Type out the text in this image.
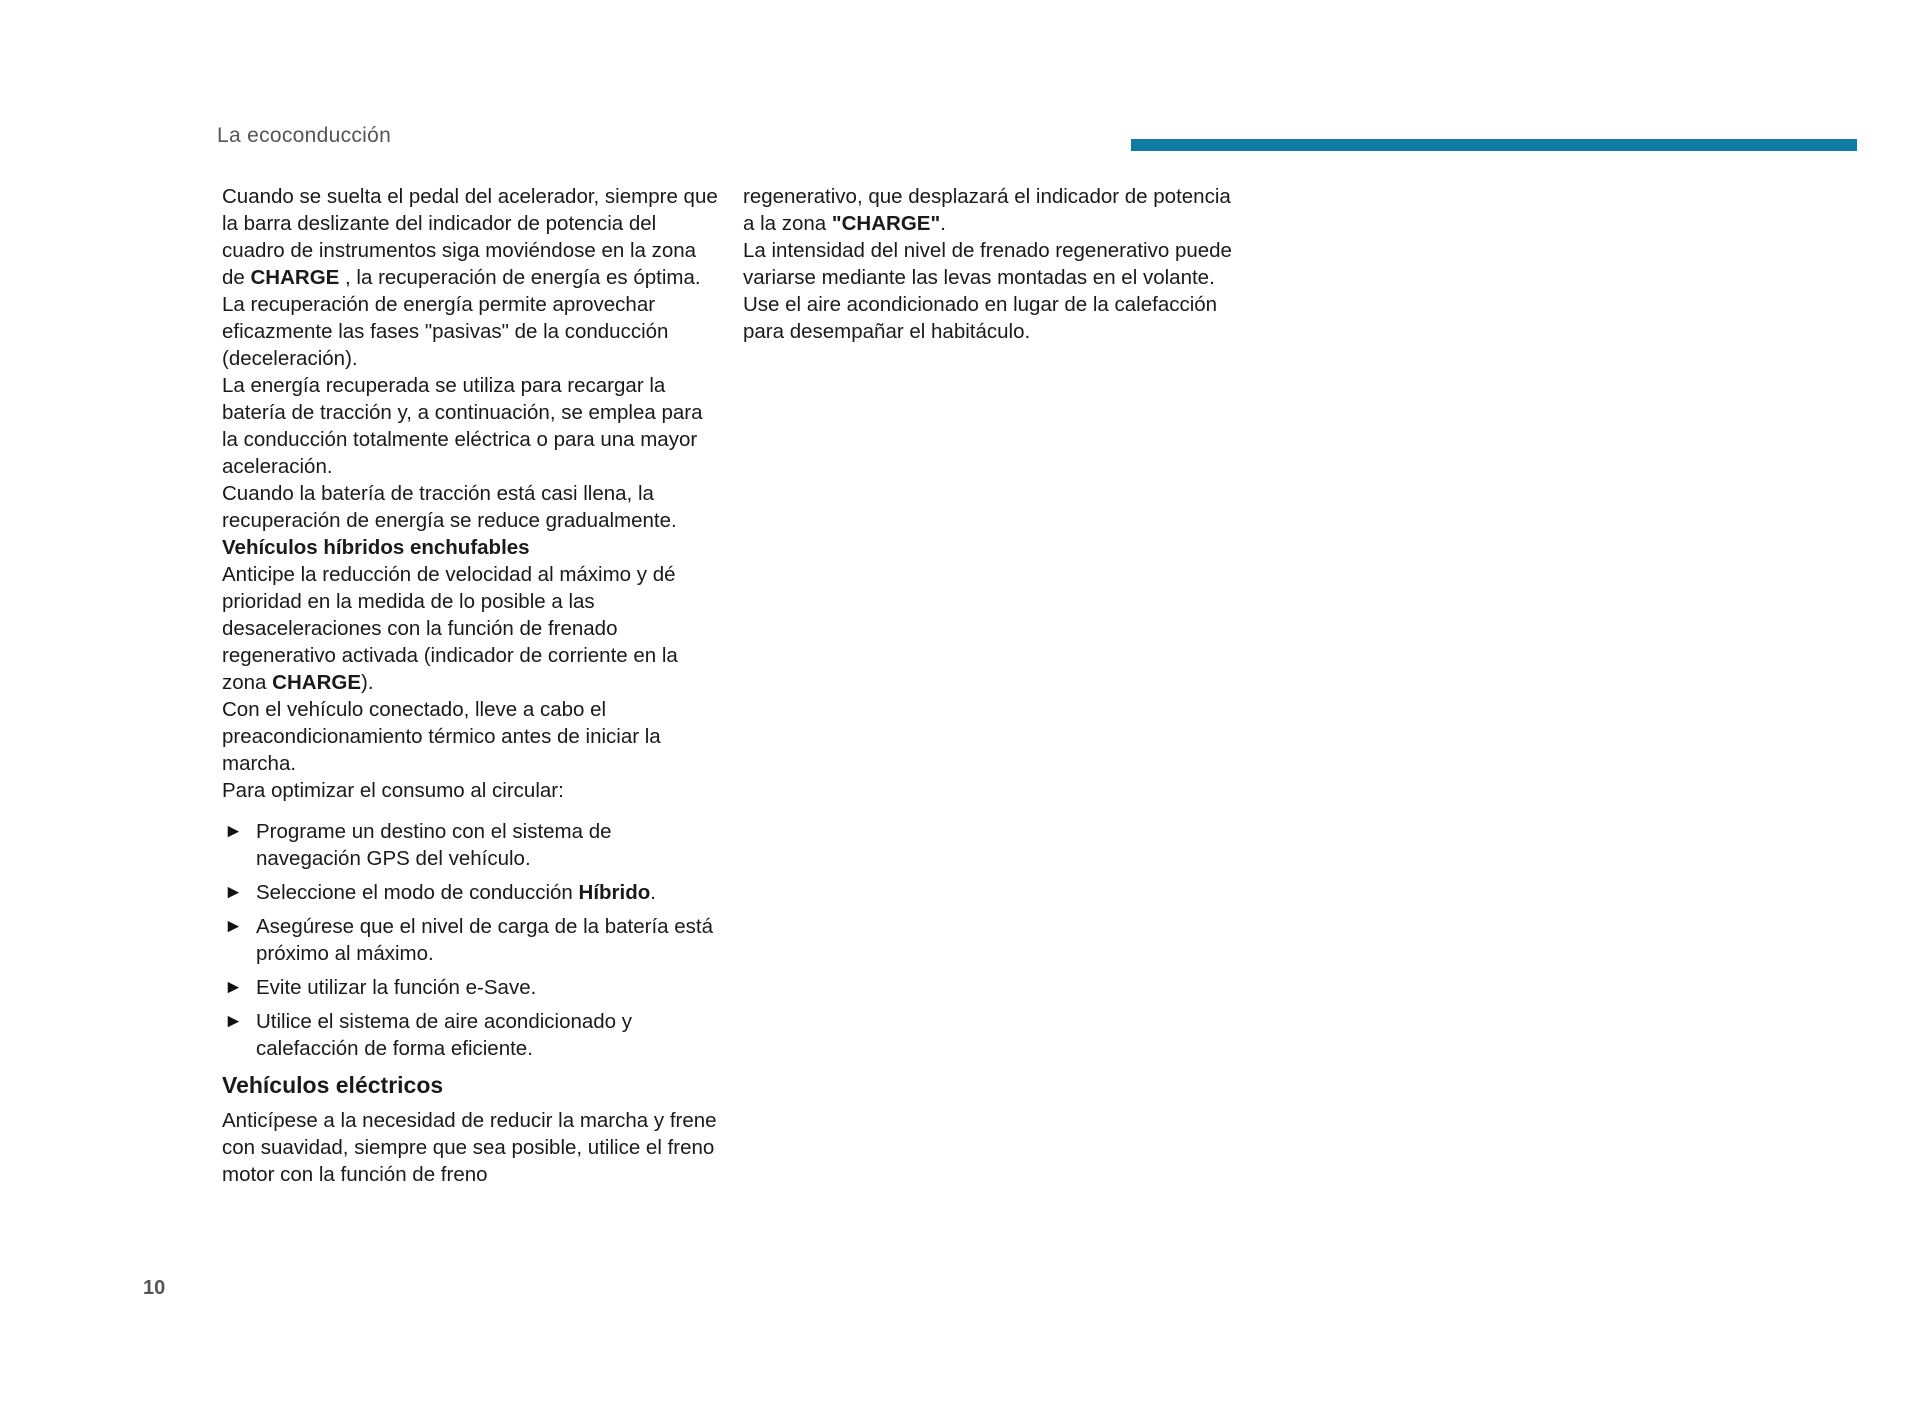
La ecoconducción

Cuando se suelta el pedal del acelerador, siempre que la barra deslizante del indicador de potencia del cuadro de instrumentos siga moviéndose en la zona de CHARGE , la recuperación de energía es óptima.

La recuperación de energía permite aprovechar eficazmente las fases "pasivas" de la conducción (deceleración).

La energía recuperada se utiliza para recargar la batería de tracción y, a continuación, se emplea para la conducción totalmente eléctrica o para una mayor aceleración.

Cuando la batería de tracción está casi llena, la recuperación de energía se reduce gradualmente.

Vehículos híbridos enchufables

Anticipe la reducción de velocidad al máximo y dé prioridad en la medida de lo posible a las desaceleraciones con la función de frenado regenerativo activada (indicador de corriente en la zona CHARGE).

Con el vehículo conectado, lleve a cabo el preacondicionamiento térmico antes de iniciar la marcha.

Para optimizar el consumo al circular:

► Programe un destino con el sistema de navegación GPS del vehículo.
► Seleccione el modo de conducción Híbrido.
► Asegúrese que el nivel de carga de la batería está próximo al máximo.
► Evite utilizar la función e-Save.
► Utilice el sistema de aire acondicionado y calefacción de forma eficiente.

Vehículos eléctricos

Anticípese a la necesidad de reducir la marcha y frene con suavidad, siempre que sea posible, utilice el freno motor con la función de freno

regenerativo, que desplazará el indicador de potencia a la zona "CHARGE".

La intensidad del nivel de frenado regenerativo puede variarse mediante las levas montadas en el volante.

Use el aire acondicionado en lugar de la calefacción para desempañar el habitáculo.

10
